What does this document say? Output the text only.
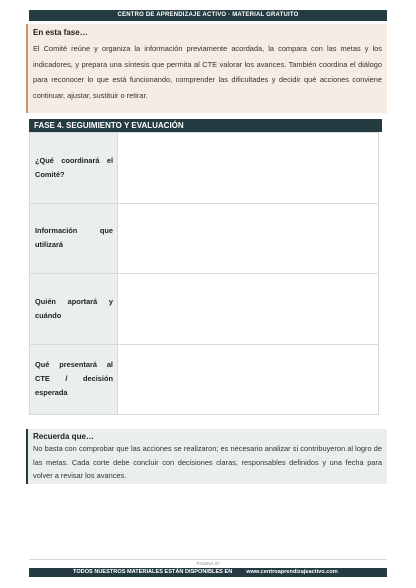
CENTRO DE APRENDIZAJE ACTIVO · MATERIAL GRATUITO
En esta fase…

El Comité reúne y organiza la información previamente acordada, la compara con las metas y los indicadores, y prepara una síntesis que permita al CTE valorar los avances. También coordina el diálogo para reconocer lo que está funcionando, comprender las dificultades y decidir qué acciones conviene continuar, ajustar, sustituir o retirar.

FASE 4. SEGUIMIENTO Y EVALUACIÓN
¿Qué coordinará el Comité?	
Información que utilizará	
Quién aportará y cuándo	
Qué presentará al CTE / decisión esperada	
Recuerda que…

No basta con comprobar que las acciones se realizaron; es necesario analizar si contribuyeron al logro de las metas. Cada corte debe concluir con decisiones claras, responsables definidos y una fecha para volver a revisar los avances.

PÁGINA 37
TODOS NUESTROS MATERIALES ESTÁN DISPONIBLES EN	www.centroaprendizajeactivo.com
